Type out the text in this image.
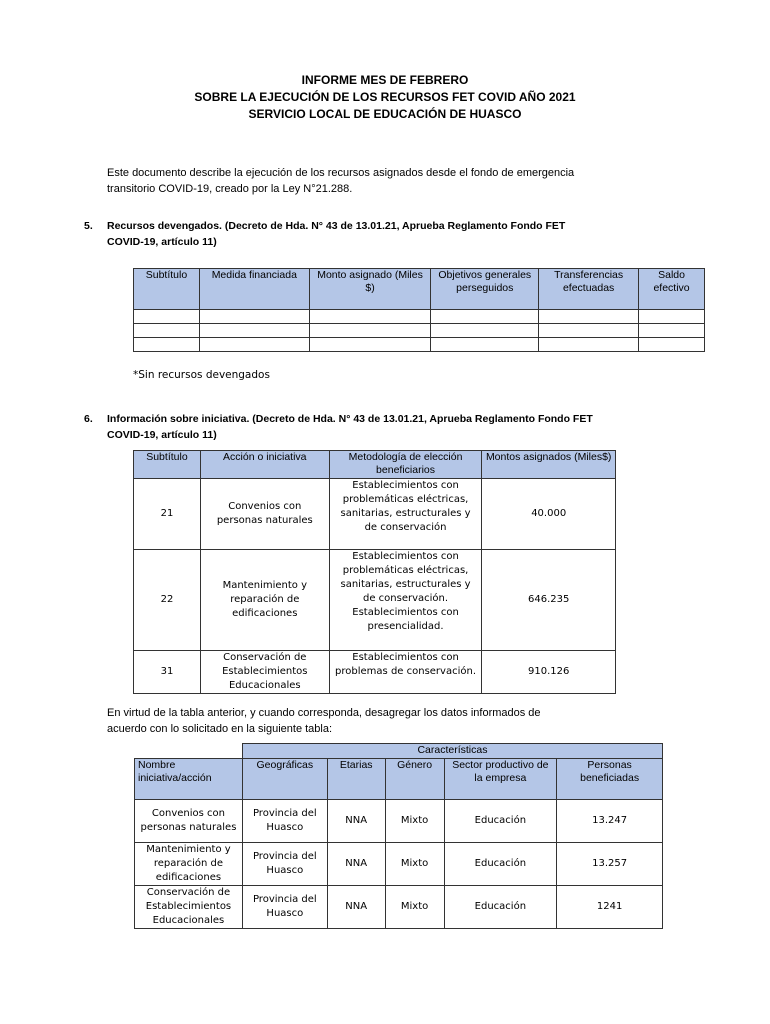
INFORME MES DE FEBRERO
SOBRE LA EJECUCIÓN DE LOS RECURSOS FET COVID AÑO 2021
SERVICIO LOCAL DE EDUCACIÓN DE HUASCO
Este documento describe la ejecución de los recursos asignados desde el fondo de emergencia
transitorio COVID-19, creado por la Ley N°21.288.
5. Recursos devengados. (Decreto de Hda. N° 43 de 13.01.21, Aprueba Reglamento Fondo FET
COVID-19, artículo 11)
Subtítulo	Medida financiada	Monto asignado (Miles $)	Objetivos generales perseguidos	Transferencias efectuadas	Saldo efectivo

*Sin recursos devengados
6. Información sobre iniciativa. (Decreto de Hda. N° 43 de 13.01.21, Aprueba Reglamento Fondo FET
COVID-19, artículo 11)
Subtítulo	Acción o iniciativa	Metodología de elección beneficiarios	Montos asignados (Miles$)
21	Convenios con personas naturales	Establecimientos con problemáticas eléctricas, sanitarias, estructurales y de conservación	40.000
22	Mantenimiento y reparación de edificaciones	Establecimientos con problemáticas eléctricas, sanitarias, estructurales y de conservación. Establecimientos con presencialidad.	646.235
31	Conservación de Establecimientos Educacionales	Establecimientos con problemas de conservación.	910.126
En virtud de la tabla anterior, y cuando corresponda, desagregar los datos informados de
acuerdo con lo solicitado en la siguiente tabla:
	Características				
Nombre iniciativa/acción	Geográficas	Etarias	Género	Sector productivo de la empresa	Personas beneficiadas
Convenios con personas naturales	Provincia del Huasco	NNA	Mixto	Educación	13.247
Mantenimiento y reparación de edificaciones	Provincia del Huasco	NNA	Mixto	Educación	13.257
Conservación de Establecimientos Educacionales	Provincia del Huasco	NNA	Mixto	Educación	1241
